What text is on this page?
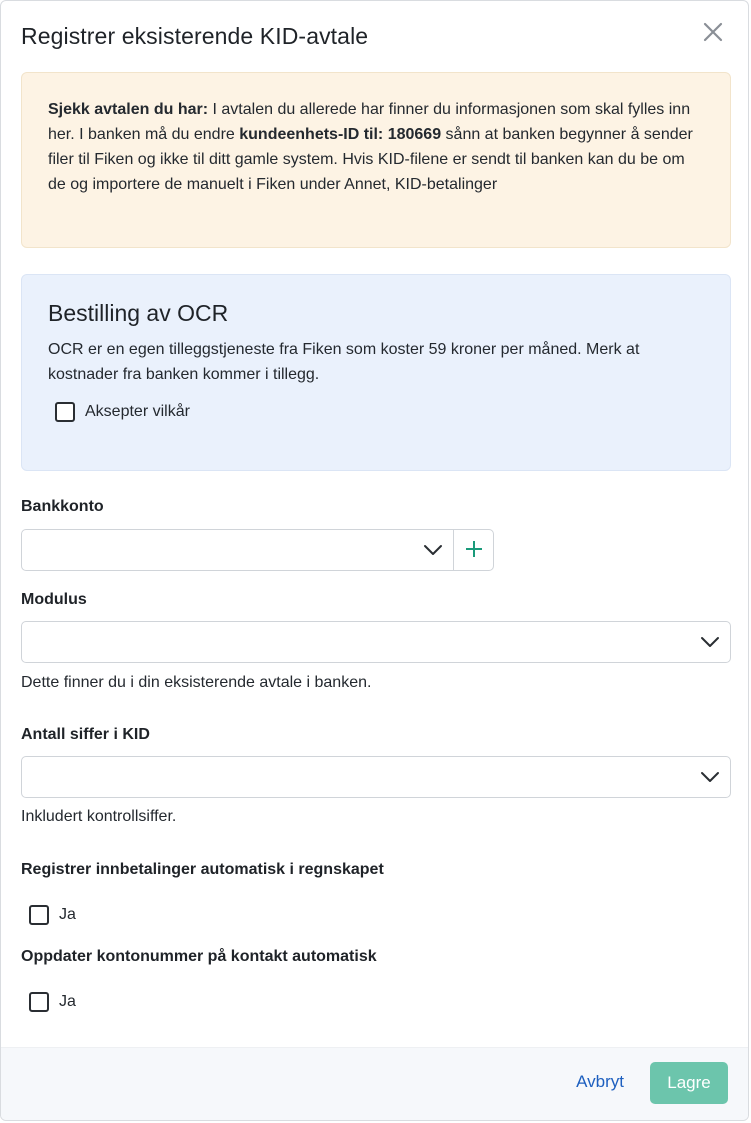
Registrer eksisterende KID-avtale
Sjekk avtalen du har: I avtalen du allerede har finner du informasjonen som skal fylles inn her. I banken må du endre kundeenhets-ID til: 180669 sånn at banken begynner å sender filer til Fiken og ikke til ditt gamle system. Hvis KID-filene er sendt til banken kan du be om de og importere de manuelt i Fiken under Annet, KID-betalinger
Bestilling av OCR

OCR er en egen tilleggstjeneste fra Fiken som koster 59 kroner per måned. Merk at kostnader fra banken kommer i tillegg.

Aksepter vilkår
Bankkonto
Modulus
Dette finner du i din eksisterende avtale i banken.
Antall siffer i KID
Inkludert kontrollsiffer.
Registrer innbetalinger automatisk i regnskapet
Ja
Oppdater kontonummer på kontakt automatisk
Ja
Avbryt	Lagre
